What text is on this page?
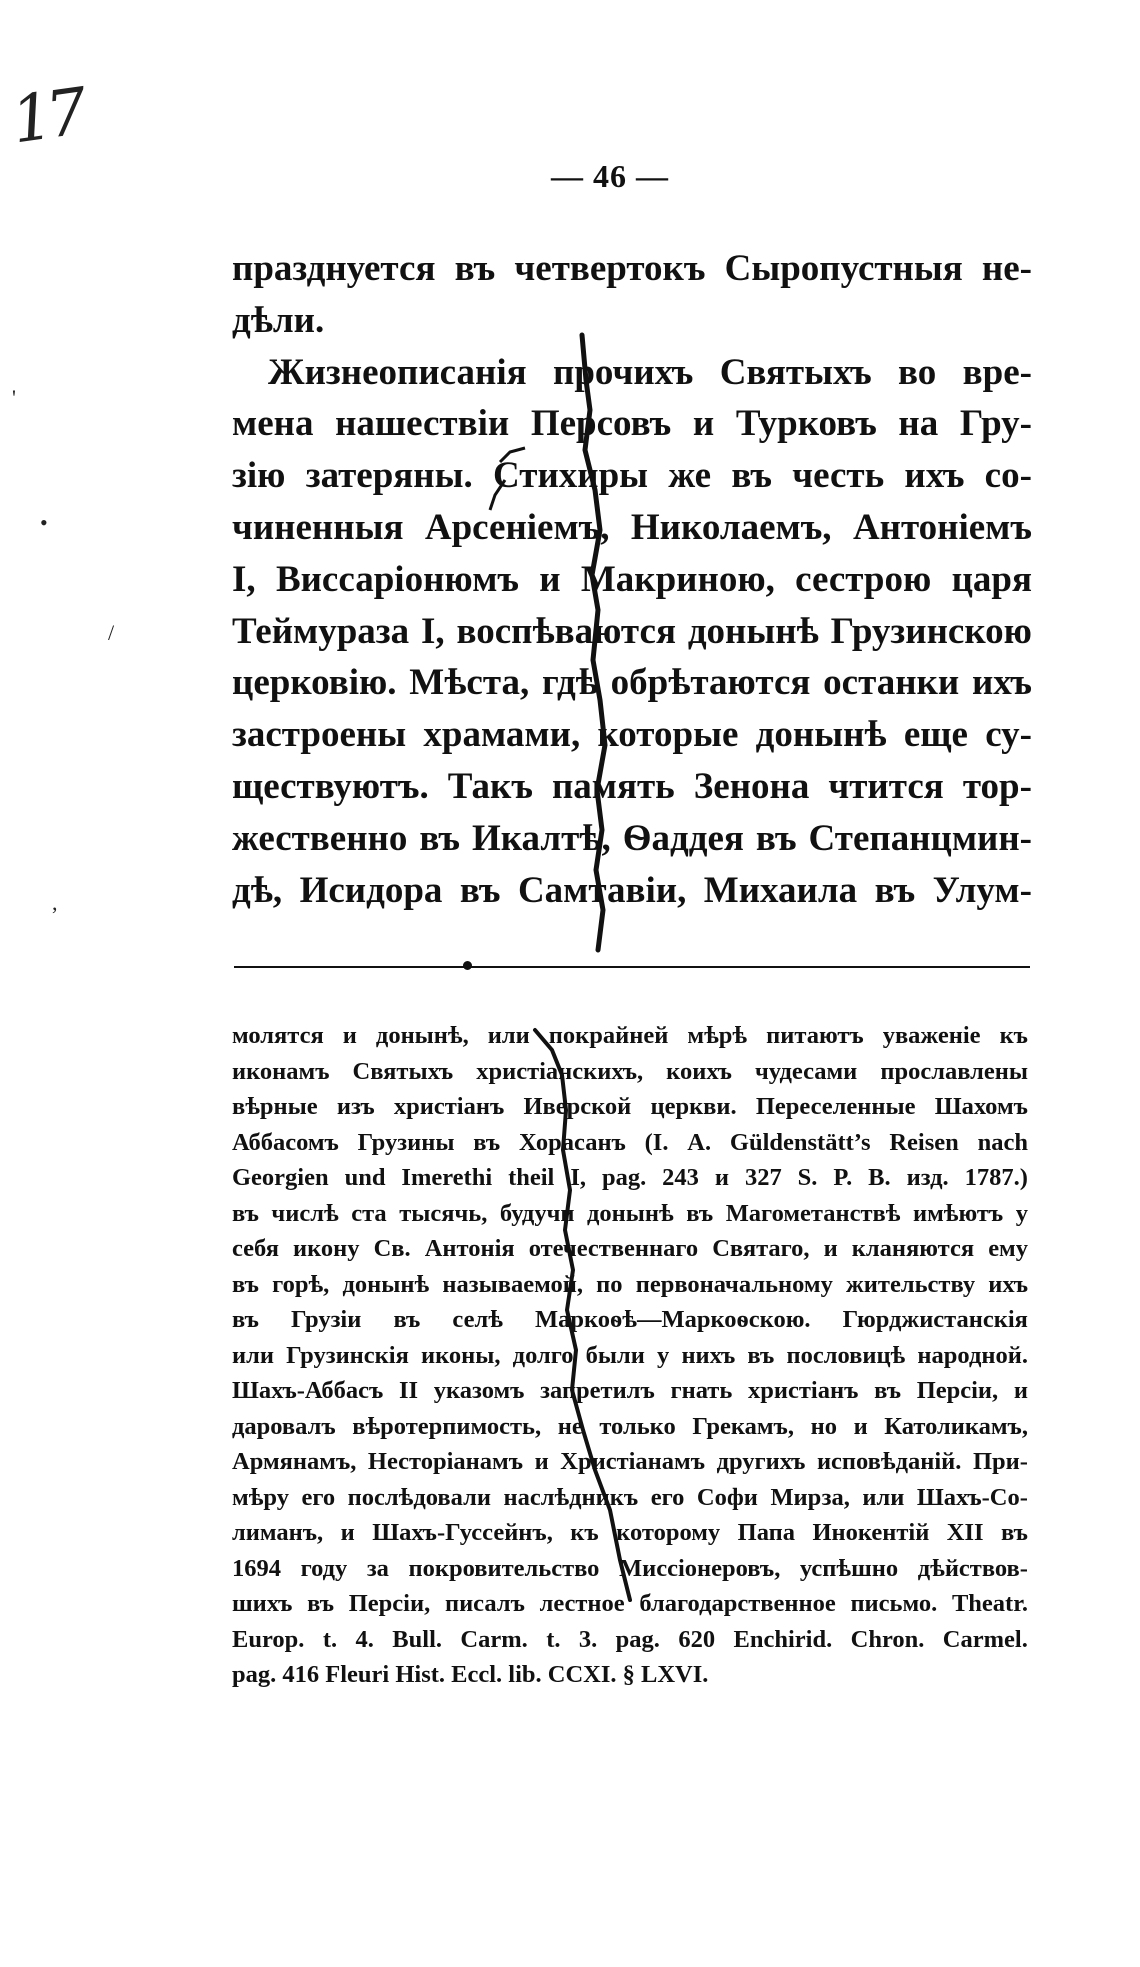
17
— 46 —
празднуется въ четвертокъ Сыропустныя не-
дѣли.
Жизнеописанія прочихъ Святыхъ во вре-
мена нашествiи Персовъ и Турковъ на Гру-
зію затеряны. Стихиры же въ честь ихъ со-
чиненныя Арсеніемъ, Николаемъ, Антоніемъ
I, Виссаріонюмъ и Макриною, сестрою царя
Теймураза I, воспѣваются донынѣ Грузинскою
церковію. Мѣста, гдѣ обрѣтаются останки ихъ
застроены храмами, которые донынѣ еще су-
ществуютъ. Такъ память Зенона чтится тор-
жественно въ Икалтѣ, Ѳаддея въ Степанцмин-
дѣ, Исидора въ Самтавіи, Михаила въ Улум-
молятся и донынѣ, или покрайней мѣрѣ питаютъ уваженіе къ
иконамъ Святыхъ христіанскихъ, коихъ чудесами прославлены
вѣрные изъ христіанъ Иверской церкви. Переселенные Шахомъ
Аббасомъ Грузины въ Хорасанъ (I. A. Güldenstätt’s Reisen nach
Georgien und Imerethi theil I, pag. 243 и 327 S. P. B. изд. 1787.)
въ числѣ ста тысячь, будучи донынѣ въ Магометанствѣ имѣютъ у
себя икону Св. Антонія отечественнаго Святаго, и кланяются ему
въ горѣ, донынѣ называемой, по первоначальному жительству ихъ
въ Грузіи въ селѣ Маркоѳѣ—Маркоѳскою. Гюрджистанскія
или Грузинскія иконы, долго были у нихъ въ пословицѣ народной.
Шахъ-Аббасъ II указомъ запретилъ гнать христіанъ въ Персіи, и
даровалъ вѣротерпимость, не только Грекамъ, но и Католикамъ,
Армянамъ, Несторіанамъ и Христіанамъ другихъ исповѣданій. При-
мѣру его послѣдовали наслѣдникъ его Софи Мирза, или Шахъ-Со-
лиманъ, и Шахъ-Гуссейнъ, къ которому Папа Инокентій XII въ
1694 году за покровительство Миссіонеровъ, успѣшно дѣйствов-
шихъ въ Персіи, писалъ лестное благодарственное письмо. Theatr.
Europ. t. 4. Bull. Carm. t. 3. pag. 620 Enchirid. Chron. Carmel.
pag. 416 Fleuri Hist. Eccl. lib. CCXI. § LXVI.
•
/
,
'
